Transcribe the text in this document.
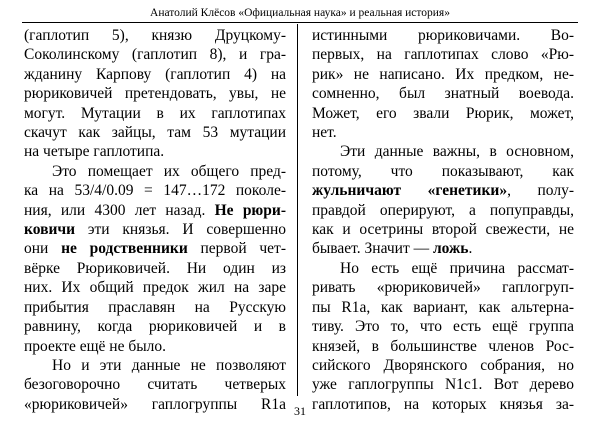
Анатолий Клёсов «Официальная наука» и реальная история»
(гаплотип 5), князю Друцкому-
Соколинскому (гаплотип 8), и гра-
жданину Карпову (гаплотип 4) на
рюриковичей претендовать, увы, не
могут. Мутации в их гаплотипах
скачут как зайцы, там 53 мутации
на четыре гаплотипа.
Это помещает их общего пред-
ка на 53/4/0.09 = 147…172 поколе-
ния, или 4300 лет назад. Не рюри-
ковичи эти князья. И совершенно
они не родственники первой чет-
вёрке Рюриковичей. Ни один из
них. Их общий предок жил на заре
прибытия праславян на Русскую
равнину, когда рюриковичей и в
проекте ещё не было.
Но и эти данные не позволяют
безоговорочно считать четверых
«рюриковичей» гаплогруппы R1a
истинными рюриковичами. Во-
первых, на гаплотипах слово «Рю-
рик» не написано. Их предком, не-
сомненно, был знатный воевода.
Может, его звали Рюрик, может,
нет.
Эти данные важны, в основном,
потому, что показывают, как
жульничают «генетики», полу-
правдой оперируют, а попуправды,
как и осетрины второй свежести, не
бывает. Значит — ложь.
Но есть ещё причина рассмат-
ривать «рюриковичей» гаплогруп-
пы R1a, как вариант, как альтерна-
тиву. Это то, что есть ещё группа
князей, в большинстве членов Рос-
сийского Дворянского собрания, но
уже гаплогруппы N1c1. Вот дерево
гаплотипов, на которых князья за-
31
